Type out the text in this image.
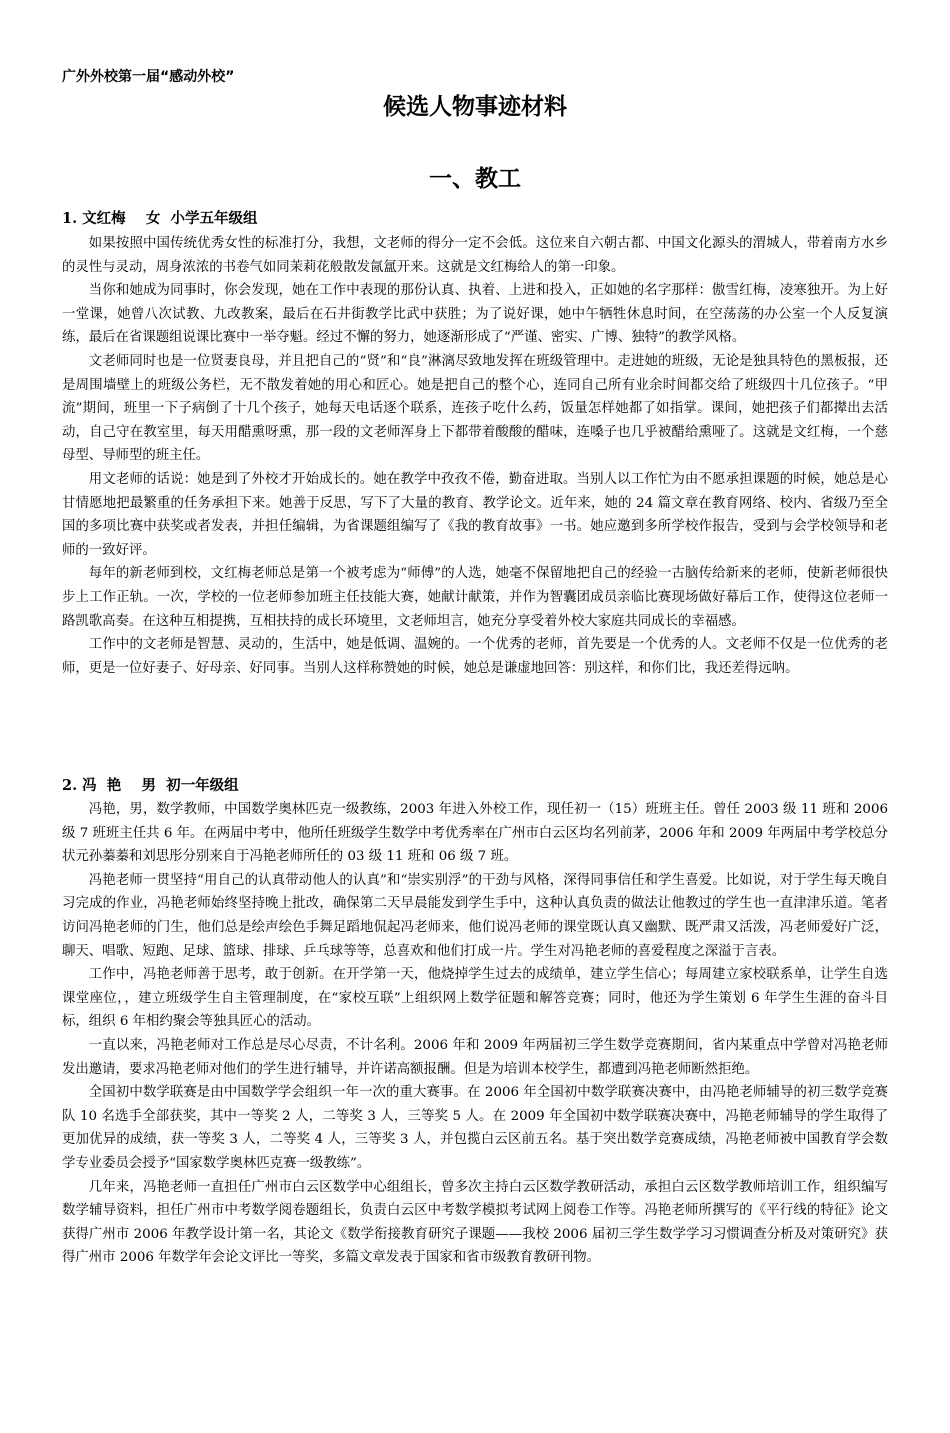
广外外校第一届“感动外校”
候选人物事迹材料
一、教工
1. 文红梅    女  小学五年级组

如果按照中国传统优秀女性的标准打分，我想，文老师的得分一定不会低。这位来自六朝古都、中国文化源头的渭城人，带着南方水乡的灵性与灵动，周身浓浓的书卷气如同茉莉花般散发氤氲开来。这就是文红梅给人的第一印象。

当你和她成为同事时，你会发现，她在工作中表现的那份认真、执着、上进和投入，正如她的名字那样：傲雪红梅，凌寒独开。为上好一堂课，她曾八次试教、九改教案，最后在石井街教学比武中获胜；为了说好课，她中午牺牲休息时间，在空荡荡的办公室一个人反复演练，最后在省课题组说课比赛中一举夺魁。经过不懈的努力，她逐渐形成了“严谨、密实、广博、独特”的教学风格。

文老师同时也是一位贤妻良母，并且把自己的“贤”和“良”淋漓尽致地发挥在班级管理中。走进她的班级，无论是独具特色的黑板报，还是周围墙壁上的班级公务栏，无不散发着她的用心和匠心。她是把自己的整个心，连同自己所有业余时间都交给了班级四十几位孩子。“甲流”期间，班里一下子病倒了十几个孩子，她每天电话逐个联系，连孩子吃什么药，饭量怎样她都了如指掌。课间，她把孩子们都撵出去活动，自己守在教室里，每天用醋熏呀熏，那一段的文老师浑身上下都带着酸酸的醋味，连嗓子也几乎被醋给熏哑了。这就是文红梅，一个慈母型、导师型的班主任。

用文老师的话说：她是到了外校才开始成长的。她在教学中孜孜不倦，勤奋进取。当别人以工作忙为由不愿承担课题的时候，她总是心甘情愿地把最繁重的任务承担下来。她善于反思，写下了大量的教育、教学论文。近年来，她的 24 篇文章在教育网络、校内、省级乃至全国的多项比赛中获奖或者发表，并担任编辑，为省课题组编写了《我的教育故事》一书。她应邀到多所学校作报告，受到与会学校领导和老师的一致好评。

每年的新老师到校，文红梅老师总是第一个被考虑为“师傅”的人选，她毫不保留地把自己的经验一古脑传给新来的老师，使新老师很快步上工作正轨。一次，学校的一位老师参加班主任技能大赛，她献计献策，并作为智囊团成员亲临比赛现场做好幕后工作，使得这位老师一路凯歌高奏。在这种互相提携，互相扶持的成长环境里，文老师坦言，她充分享受着外校大家庭共同成长的幸福感。

工作中的文老师是智慧、灵动的，生活中，她是低调、温婉的。一个优秀的老师，首先要是一个优秀的人。文老师不仅是一位优秀的老师，更是一位好妻子、好母亲、好同事。当别人这样称赞她的时候，她总是谦虚地回答：别这样，和你们比，我还差得远呐。

2. 冯  艳    男  初一年级组

冯艳，男，数学教师，中国数学奥林匹克一级教练，2003 年进入外校工作，现任初一（15）班班主任。曾任 2003 级 11 班和 2006 级 7 班班主任共 6 年。在两届中考中，他所任班级学生数学中考优秀率在广州市白云区均名列前茅，2006 年和 2009 年两届中考学校总分状元孙蓁蓁和刘思彤分别来自于冯艳老师所任的 03 级 11 班和 06 级 7 班。

冯艳老师一贯坚持“用自己的认真带动他人的认真”和“崇实别浮”的干劲与风格，深得同事信任和学生喜爱。比如说，对于学生每天晚自习完成的作业，冯艳老师始终坚持晚上批改，确保第二天早晨能发到学生手中，这种认真负责的做法让他教过的学生也一直津津乐道。笔者访问冯艳老师的门生，他们总是绘声绘色手舞足蹈地侃起冯老师来，他们说冯老师的课堂既认真又幽默、既严肃又活泼，冯老师爱好广泛，聊天、唱歌、短跑、足球、篮球、排球、乒乓球等等，总喜欢和他们打成一片。学生对冯艳老师的喜爱程度之深溢于言表。

工作中，冯艳老师善于思考，敢于创新。在开学第一天，他烧掉学生过去的成绩单，建立学生信心；每周建立家校联系单，让学生自选课堂座位，，建立班级学生自主管理制度，在“家校互联”上组织网上数学征题和解答竞赛；同时，他还为学生策划 6 年学生生涯的奋斗目标，组织 6 年相约聚会等独具匠心的活动。

一直以来，冯艳老师对工作总是尽心尽责，不计名利。2006 年和 2009 年两届初三学生数学竞赛期间，省内某重点中学曾对冯艳老师发出邀请，要求冯艳老师对他们的学生进行辅导，并许诺高额报酬。但是为培训本校学生，都遭到冯艳老师断然拒绝。

全国初中数学联赛是由中国数学学会组织一年一次的重大赛事。在 2006 年全国初中数学联赛决赛中，由冯艳老师辅导的初三数学竞赛队 10 名选手全部获奖，其中一等奖 2 人，二等奖 3 人，三等奖 5 人。在 2009 年全国初中数学联赛决赛中，冯艳老师辅导的学生取得了更加优异的成绩，获一等奖 3 人，二等奖 4 人，三等奖 3 人，并包揽白云区前五名。基于突出数学竞赛成绩，冯艳老师被中国教育学会数学专业委员会授予“国家数学奥林匹克赛一级教练”。

几年来，冯艳老师一直担任广州市白云区数学中心组组长，曾多次主持白云区数学教研活动，承担白云区数学教师培训工作，组织编写数学辅导资料，担任广州市中考数学阅卷题组长，负责白云区中考数学模拟考试网上阅卷工作等。冯艳老师所撰写的《平行线的特征》论文获得广州市 2006 年教学设计第一名，其论文《数学衔接教育研究子课题——我校 2006 届初三学生数学学习习惯调查分析及对策研究》获得广州市 2006 年数学年会论文评比一等奖，多篇文章发表于国家和省市级教育教研刊物。
